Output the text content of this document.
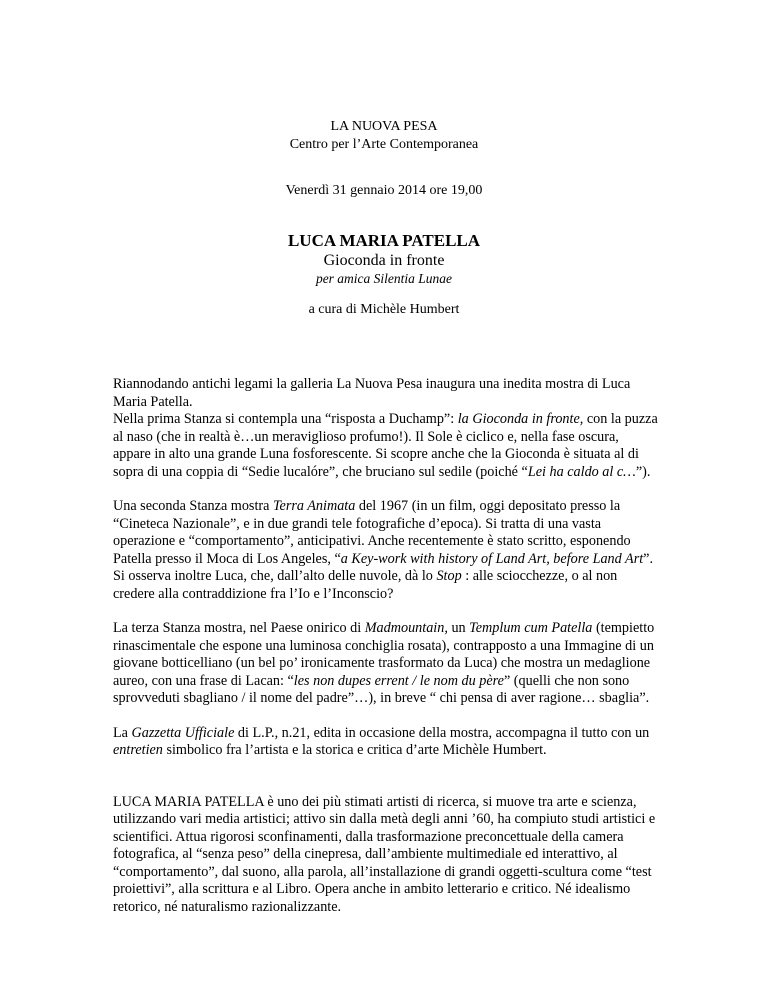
LA NUOVA PESA

Centro per l’Arte Contemporanea

Venerdì 31 gennaio 2014 ore 19,00

LUCA MARIA PATELLA

Gioconda in fronte

per amica Silentia Lunae

a cura di Michèle Humbert

Riannodando antichi legami la galleria La Nuova Pesa inaugura una inedita mostra di Luca Maria Patella.
Nella prima Stanza si contempla una “risposta a Duchamp”: la Gioconda in fronte, con la puzza al naso (che in realtà è…un meraviglioso profumo!). Il Sole è ciclico e, nella fase oscura, appare in alto una grande Luna fosforescente. Si scopre anche che la Gioconda è situata al di sopra di una coppia di “Sedie lucalóre”, che bruciano sul sedile (poiché “Lei ha caldo al c…”).

Una seconda Stanza mostra Terra Animata del 1967 (in un film, oggi depositato presso la “Cineteca Nazionale”, e in due grandi tele fotografiche d’epoca). Si tratta di una vasta operazione e “comportamento”, anticipativi. Anche recentemente è stato scritto, esponendo Patella presso il Moca di Los Angeles, “a Key-work with history of Land Art, before Land Art”. Si osserva inoltre Luca, che, dall’alto delle nuvole, dà lo Stop : alle sciocchezze, o al non credere alla contraddizione fra l’Io e l’Inconscio?

La terza Stanza mostra, nel Paese onirico di Madmountain, un Templum cum Patella (tempietto rinascimentale che espone una luminosa conchiglia rosata), contrapposto a una Immagine di un giovane botticelliano (un bel po’ ironicamente trasformato da Luca) che mostra un medaglione aureo, con una frase di Lacan: “les non dupes errent / le nom du père” (quelli che non sono sprovveduti sbagliano / il nome del padre”…), in breve “ chi pensa di aver ragione… sbaglia”.

La Gazzetta Ufficiale di L.P., n.21, edita in occasione della mostra, accompagna il tutto con un entretien simbolico fra l’artista e la storica e critica d’arte Michèle Humbert.

LUCA MARIA PATELLA è uno dei più stimati artisti di ricerca, si muove tra arte e scienza, utilizzando vari media artistici; attivo sin dalla metà degli anni ’60, ha compiuto studi artistici e scientifici. Attua rigorosi sconfinamenti, dalla trasformazione preconcettuale della camera fotografica, al “senza peso” della cinepresa, dall’ambiente multimediale ed interattivo, al “comportamento”, dal suono, alla parola, all’installazione di grandi oggetti-scultura come “test proiettivi”, alla scrittura e al Libro. Opera anche in ambito letterario e critico. Né idealismo retorico, né naturalismo razionalizzante.
